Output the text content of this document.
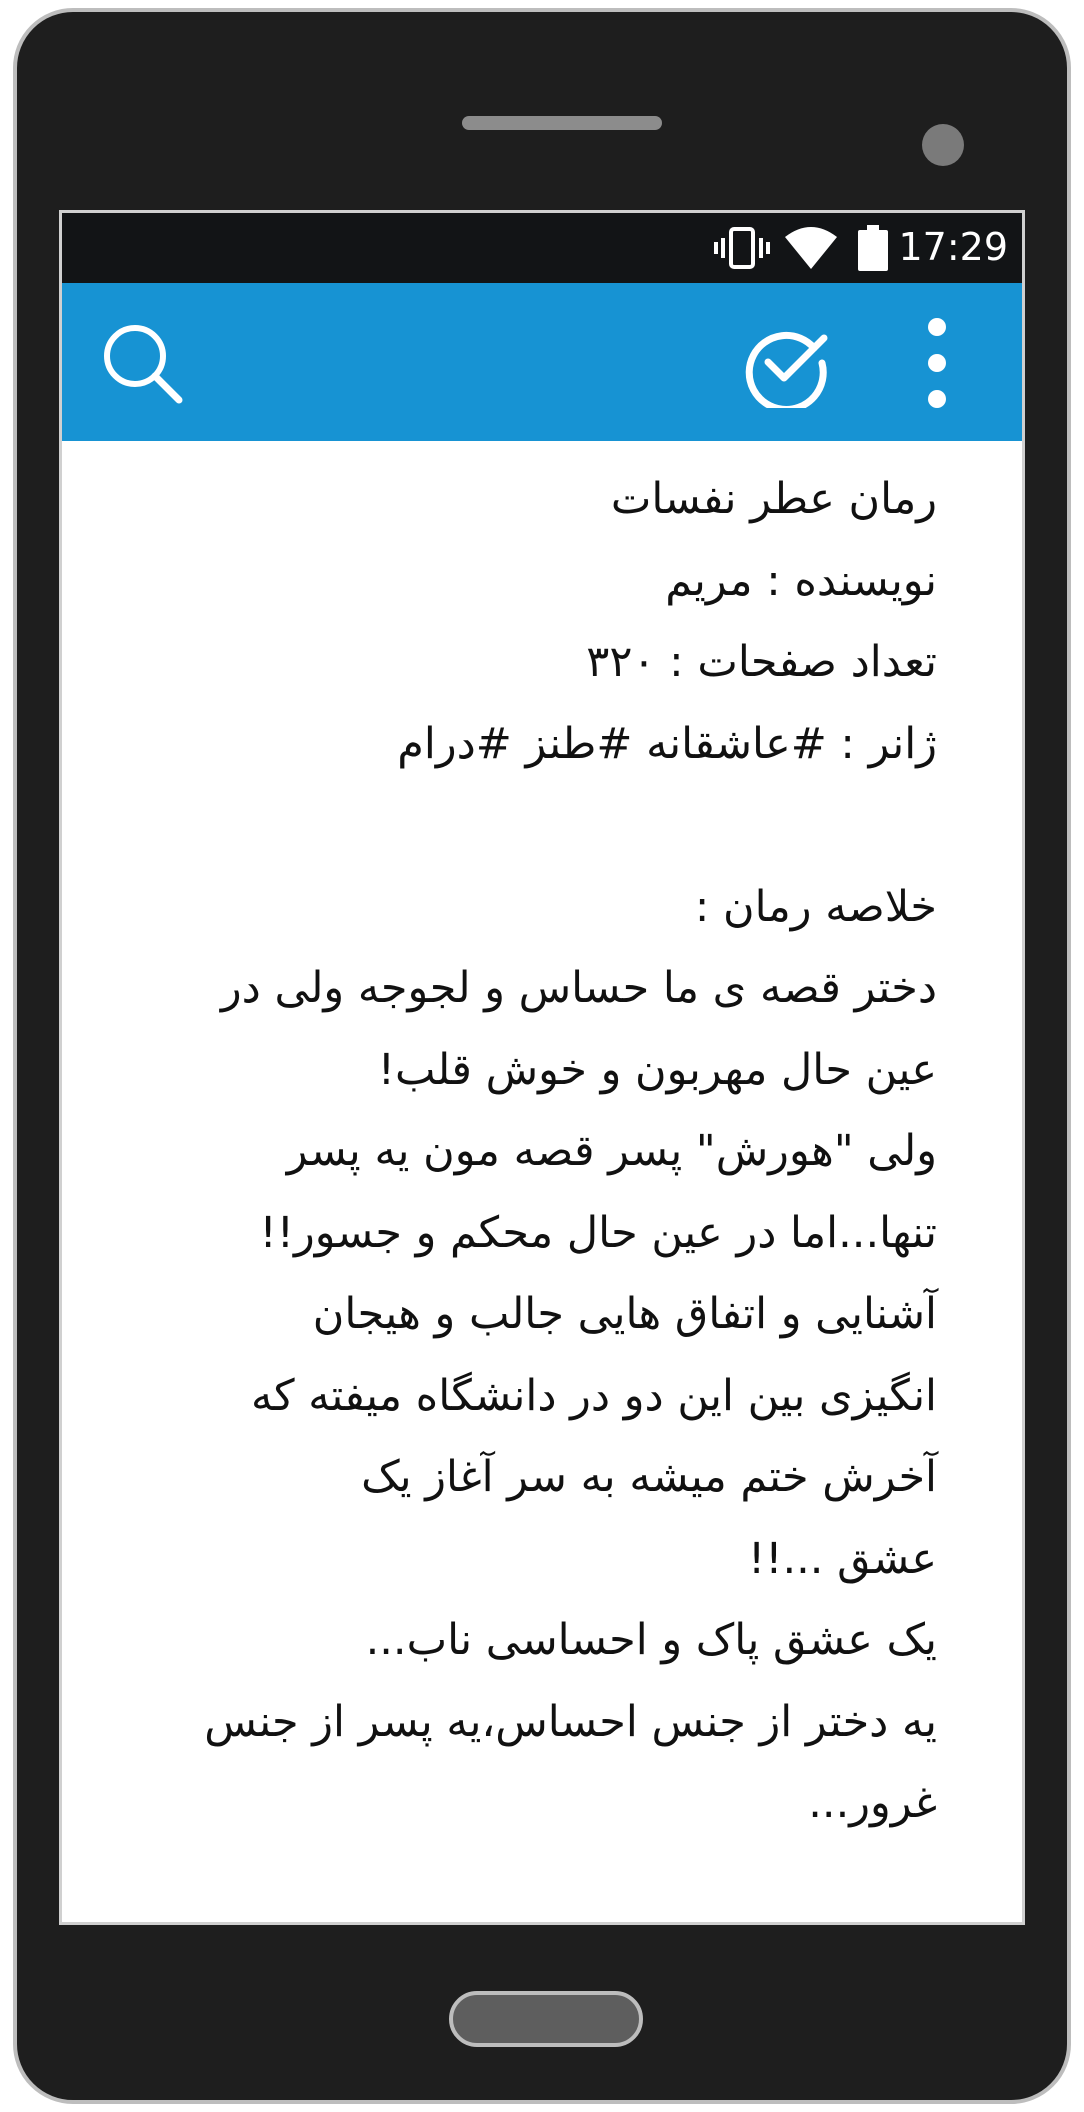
17:29
رمان عطر نفسات
نویسنده : مریم
تعداد صفحات : ۳۲۰
ژانر : #عاشقانه #طنز #درام
خلاصه رمان :
دختر قصه ی ما حساس و لجوجه ولی در
عین حال مهربون و خوش قلب!
ولی "هورش" پسر قصه مون یه پسر
تنها...اما در عین حال محکم و جسور!!
آشنایی و اتفاق هایی جالب و هیجان
انگیزی بین این دو در دانشگاه میفته که
آخرش ختم میشه به سر آغاز یک
عشق ...!!
یک عشق پاک و احساسی ناب...
یه دختر از جنس احساس،یه پسر از جنس
غرور...
